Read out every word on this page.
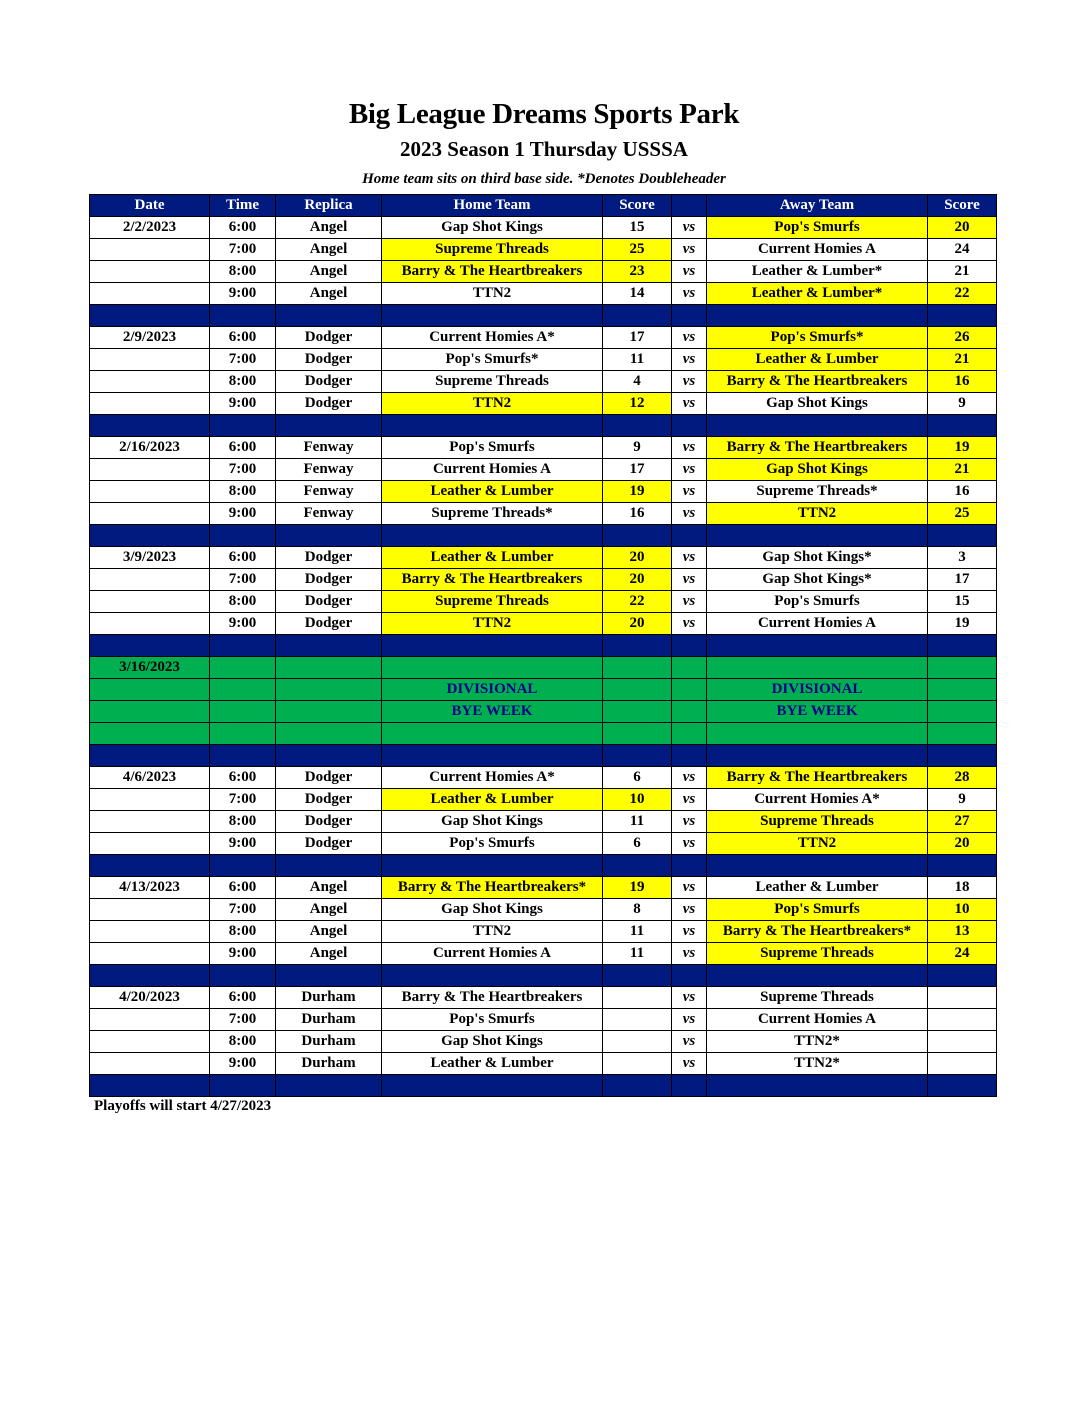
Big League Dreams Sports Park
2023 Season 1 Thursday USSSA
Home team sits on third base side. *Denotes Doubleheader
Date	Time	Replica	Home Team	Score		Away Team	Score
2/2/2023	6:00	Angel	Gap Shot Kings	15	vs	Pop's Smurfs	20
	7:00	Angel	Supreme Threads	25	vs	Current Homies A	24
	8:00	Angel	Barry & The Heartbreakers	23	vs	Leather & Lumber*	21
	9:00	Angel	TTN2	14	vs	Leather & Lumber*	22

2/9/2023	6:00	Dodger	Current Homies A*	17	vs	Pop's Smurfs*	26
	7:00	Dodger	Pop's Smurfs*	11	vs	Leather & Lumber	21
	8:00	Dodger	Supreme Threads	4	vs	Barry & The Heartbreakers	16
	9:00	Dodger	TTN2	12	vs	Gap Shot Kings	9

2/16/2023	6:00	Fenway	Pop's Smurfs	9	vs	Barry & The Heartbreakers	19
	7:00	Fenway	Current Homies A	17	vs	Gap Shot Kings	21
	8:00	Fenway	Leather & Lumber	19	vs	Supreme Threads*	16
	9:00	Fenway	Supreme Threads*	16	vs	TTN2	25

3/9/2023	6:00	Dodger	Leather & Lumber	20	vs	Gap Shot Kings*	3
	7:00	Dodger	Barry & The Heartbreakers	20	vs	Gap Shot Kings*	17
	8:00	Dodger	Supreme Threads	22	vs	Pop's Smurfs	15
	9:00	Dodger	TTN2	20	vs	Current Homies A	19

3/16/2023							
			DIVISIONAL			DIVISIONAL	
			BYE WEEK			BYE WEEK	

4/6/2023	6:00	Dodger	Current Homies A*	6	vs	Barry & The Heartbreakers	28
	7:00	Dodger	Leather & Lumber	10	vs	Current Homies A*	9
	8:00	Dodger	Gap Shot Kings	11	vs	Supreme Threads	27
	9:00	Dodger	Pop's Smurfs	6	vs	TTN2	20

4/13/2023	6:00	Angel	Barry & The Heartbreakers*	19	vs	Leather & Lumber	18
	7:00	Angel	Gap Shot Kings	8	vs	Pop's Smurfs	10
	8:00	Angel	TTN2	11	vs	Barry & The Heartbreakers*	13
	9:00	Angel	Current Homies A	11	vs	Supreme Threads	24

4/20/2023	6:00	Durham	Barry & The Heartbreakers		vs	Supreme Threads	
	7:00	Durham	Pop's Smurfs		vs	Current Homies A	
	8:00	Durham	Gap Shot Kings		vs	TTN2*	
	9:00	Durham	Leather & Lumber		vs	TTN2*	

Playoffs will start 4/27/2023
